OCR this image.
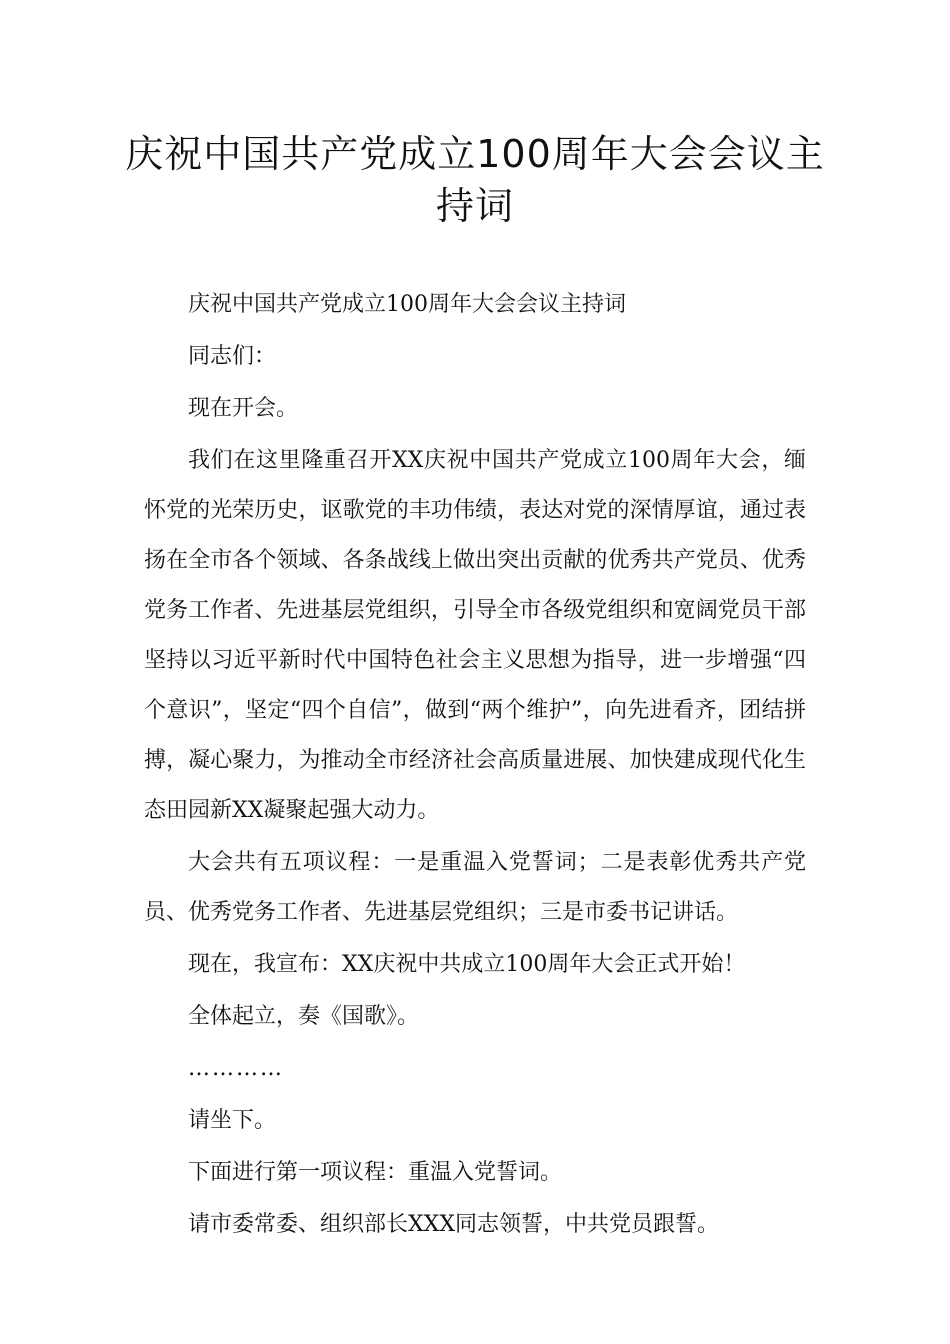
庆祝中国共产党成立100周年大会会议主持词

庆祝中国共产党成立100周年大会会议主持词

同志们：

现在开会。

我们在这里隆重召开XX庆祝中国共产党成立100周年大会，缅怀党的光荣历史，讴歌党的丰功伟绩，表达对党的深情厚谊，通过表扬在全市各个领域、各条战线上做出突出贡献的优秀共产党员、优秀党务工作者、先进基层党组织，引导全市各级党组织和宽阔党员干部坚持以习近平新时代中国特色社会主义思想为指导，进一步增强“四个意识”，坚定“四个自信”，做到“两个维护”，向先进看齐，团结拼搏，凝心聚力，为推动全市经济社会高质量进展、加快建成现代化生态田园新XX凝聚起强大动力。

大会共有五项议程：一是重温入党誓词；二是表彰优秀共产党员、优秀党务工作者、先进基层党组织；三是市委书记讲话。

现在，我宣布：XX庆祝中共成立100周年大会正式开始！

全体起立，奏《国歌》。

…………

请坐下。

下面进行第一项议程：重温入党誓词。

请市委常委、组织部长XXX同志领誓，中共党员跟誓。
